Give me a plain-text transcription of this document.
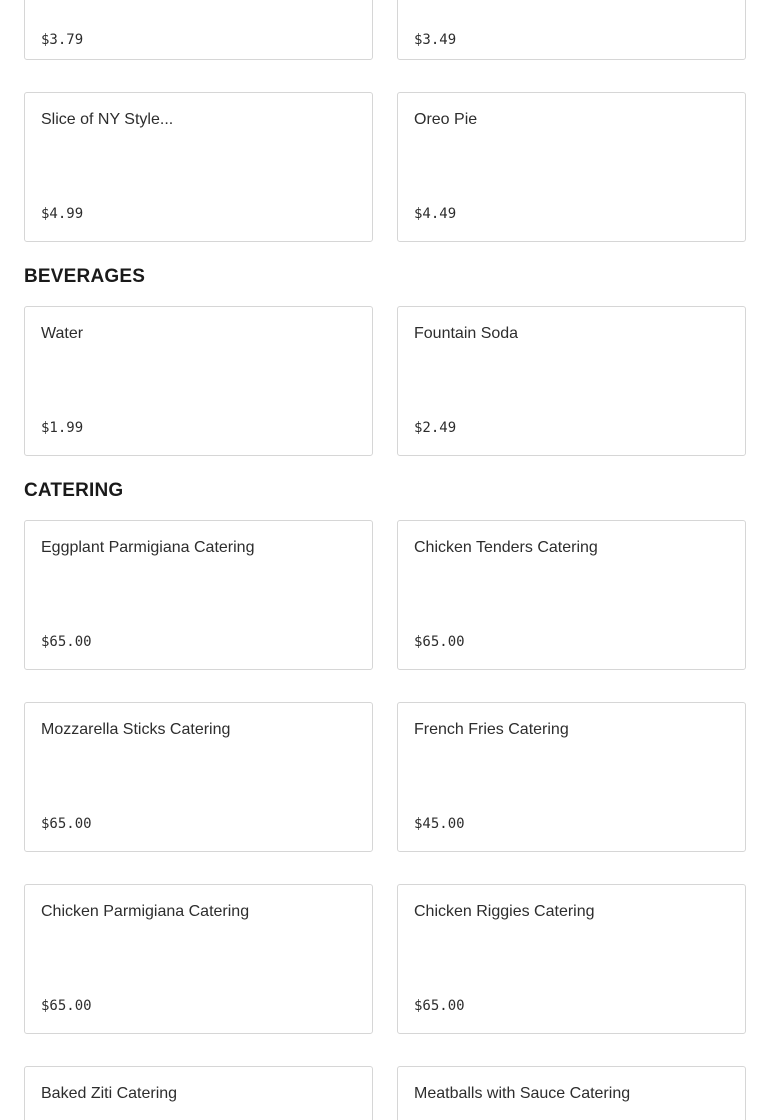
$3.79	$3.49
Slice of NY Style...
$4.99
Oreo Pie
$4.49
BEVERAGES
Water
$1.99
Fountain Soda
$2.49
CATERING
Eggplant Parmigiana Catering
$65.00
Chicken Tenders Catering
$65.00
Mozzarella Sticks Catering
$65.00
French Fries Catering
$45.00
Chicken Parmigiana Catering
$65.00
Chicken Riggies Catering
$65.00
Baked Ziti Catering	Meatballs with Sauce Catering
